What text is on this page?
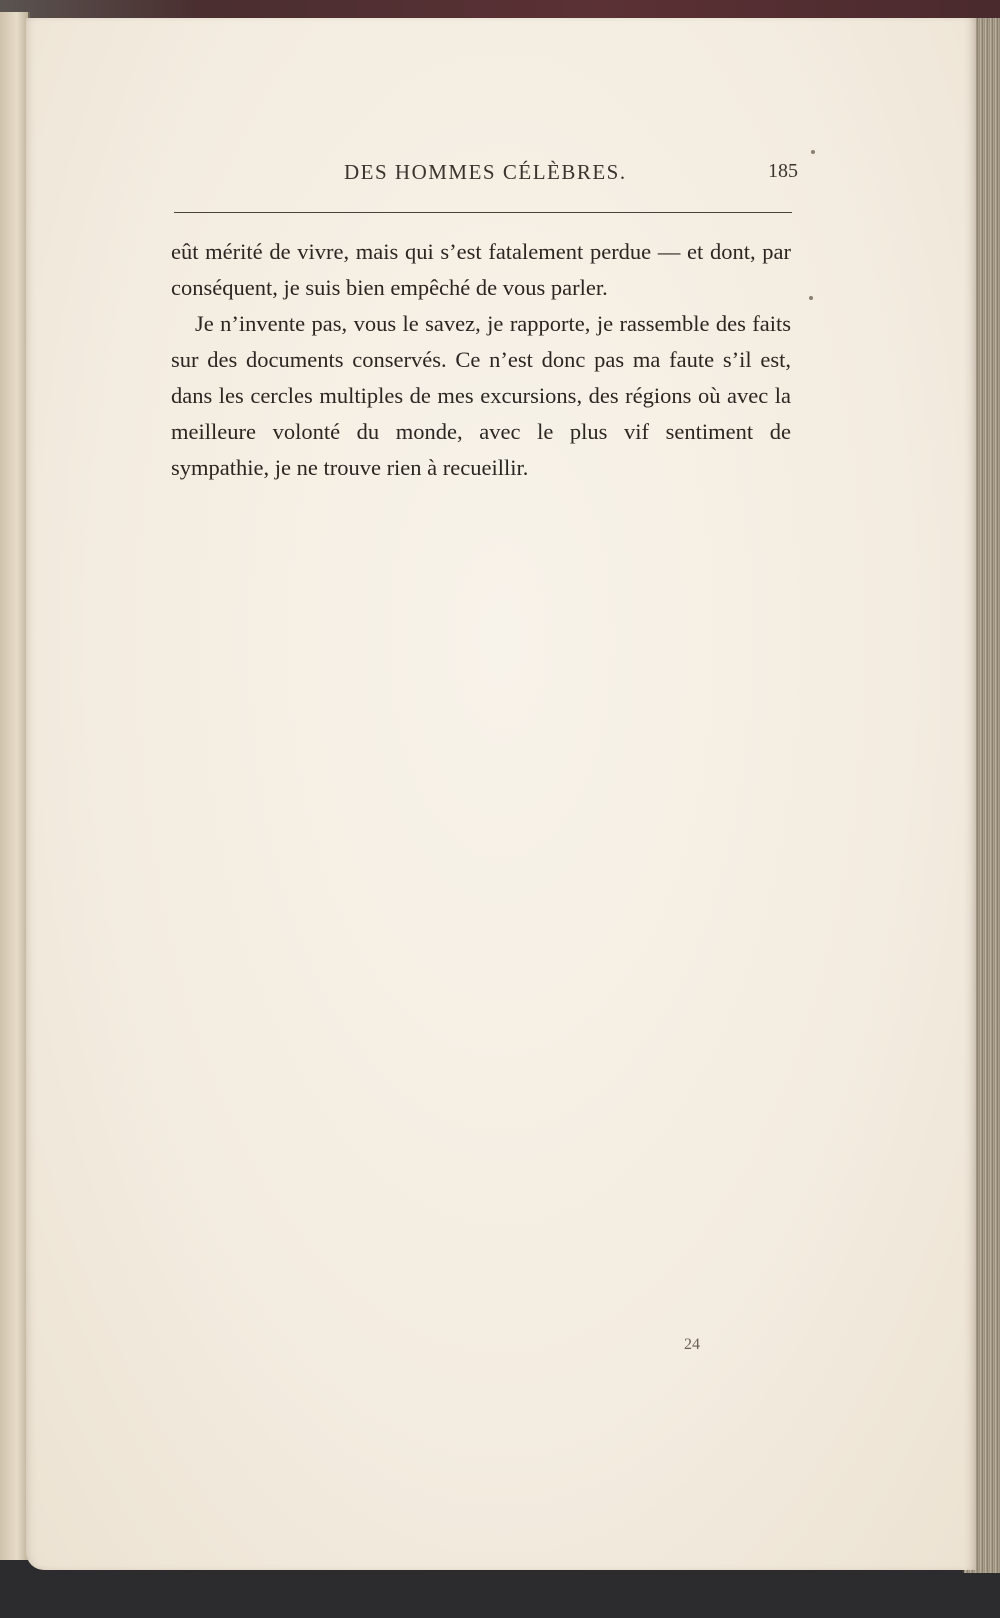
DES HOMMES CÉLÈBRES.	185

eût mérité de vivre, mais qui s’est fatalement perdue — et dont, par conséquent, je suis bien empêché de vous parler.

Je n’invente pas, vous le savez, je rapporte, je rassemble des faits sur des documents conservés. Ce n’est donc pas ma faute s’il est, dans les cercles multiples de mes excursions, des régions où avec la meilleure volonté du monde, avec le plus vif sentiment de sympathie, je ne trouve rien à recueillir.

24
